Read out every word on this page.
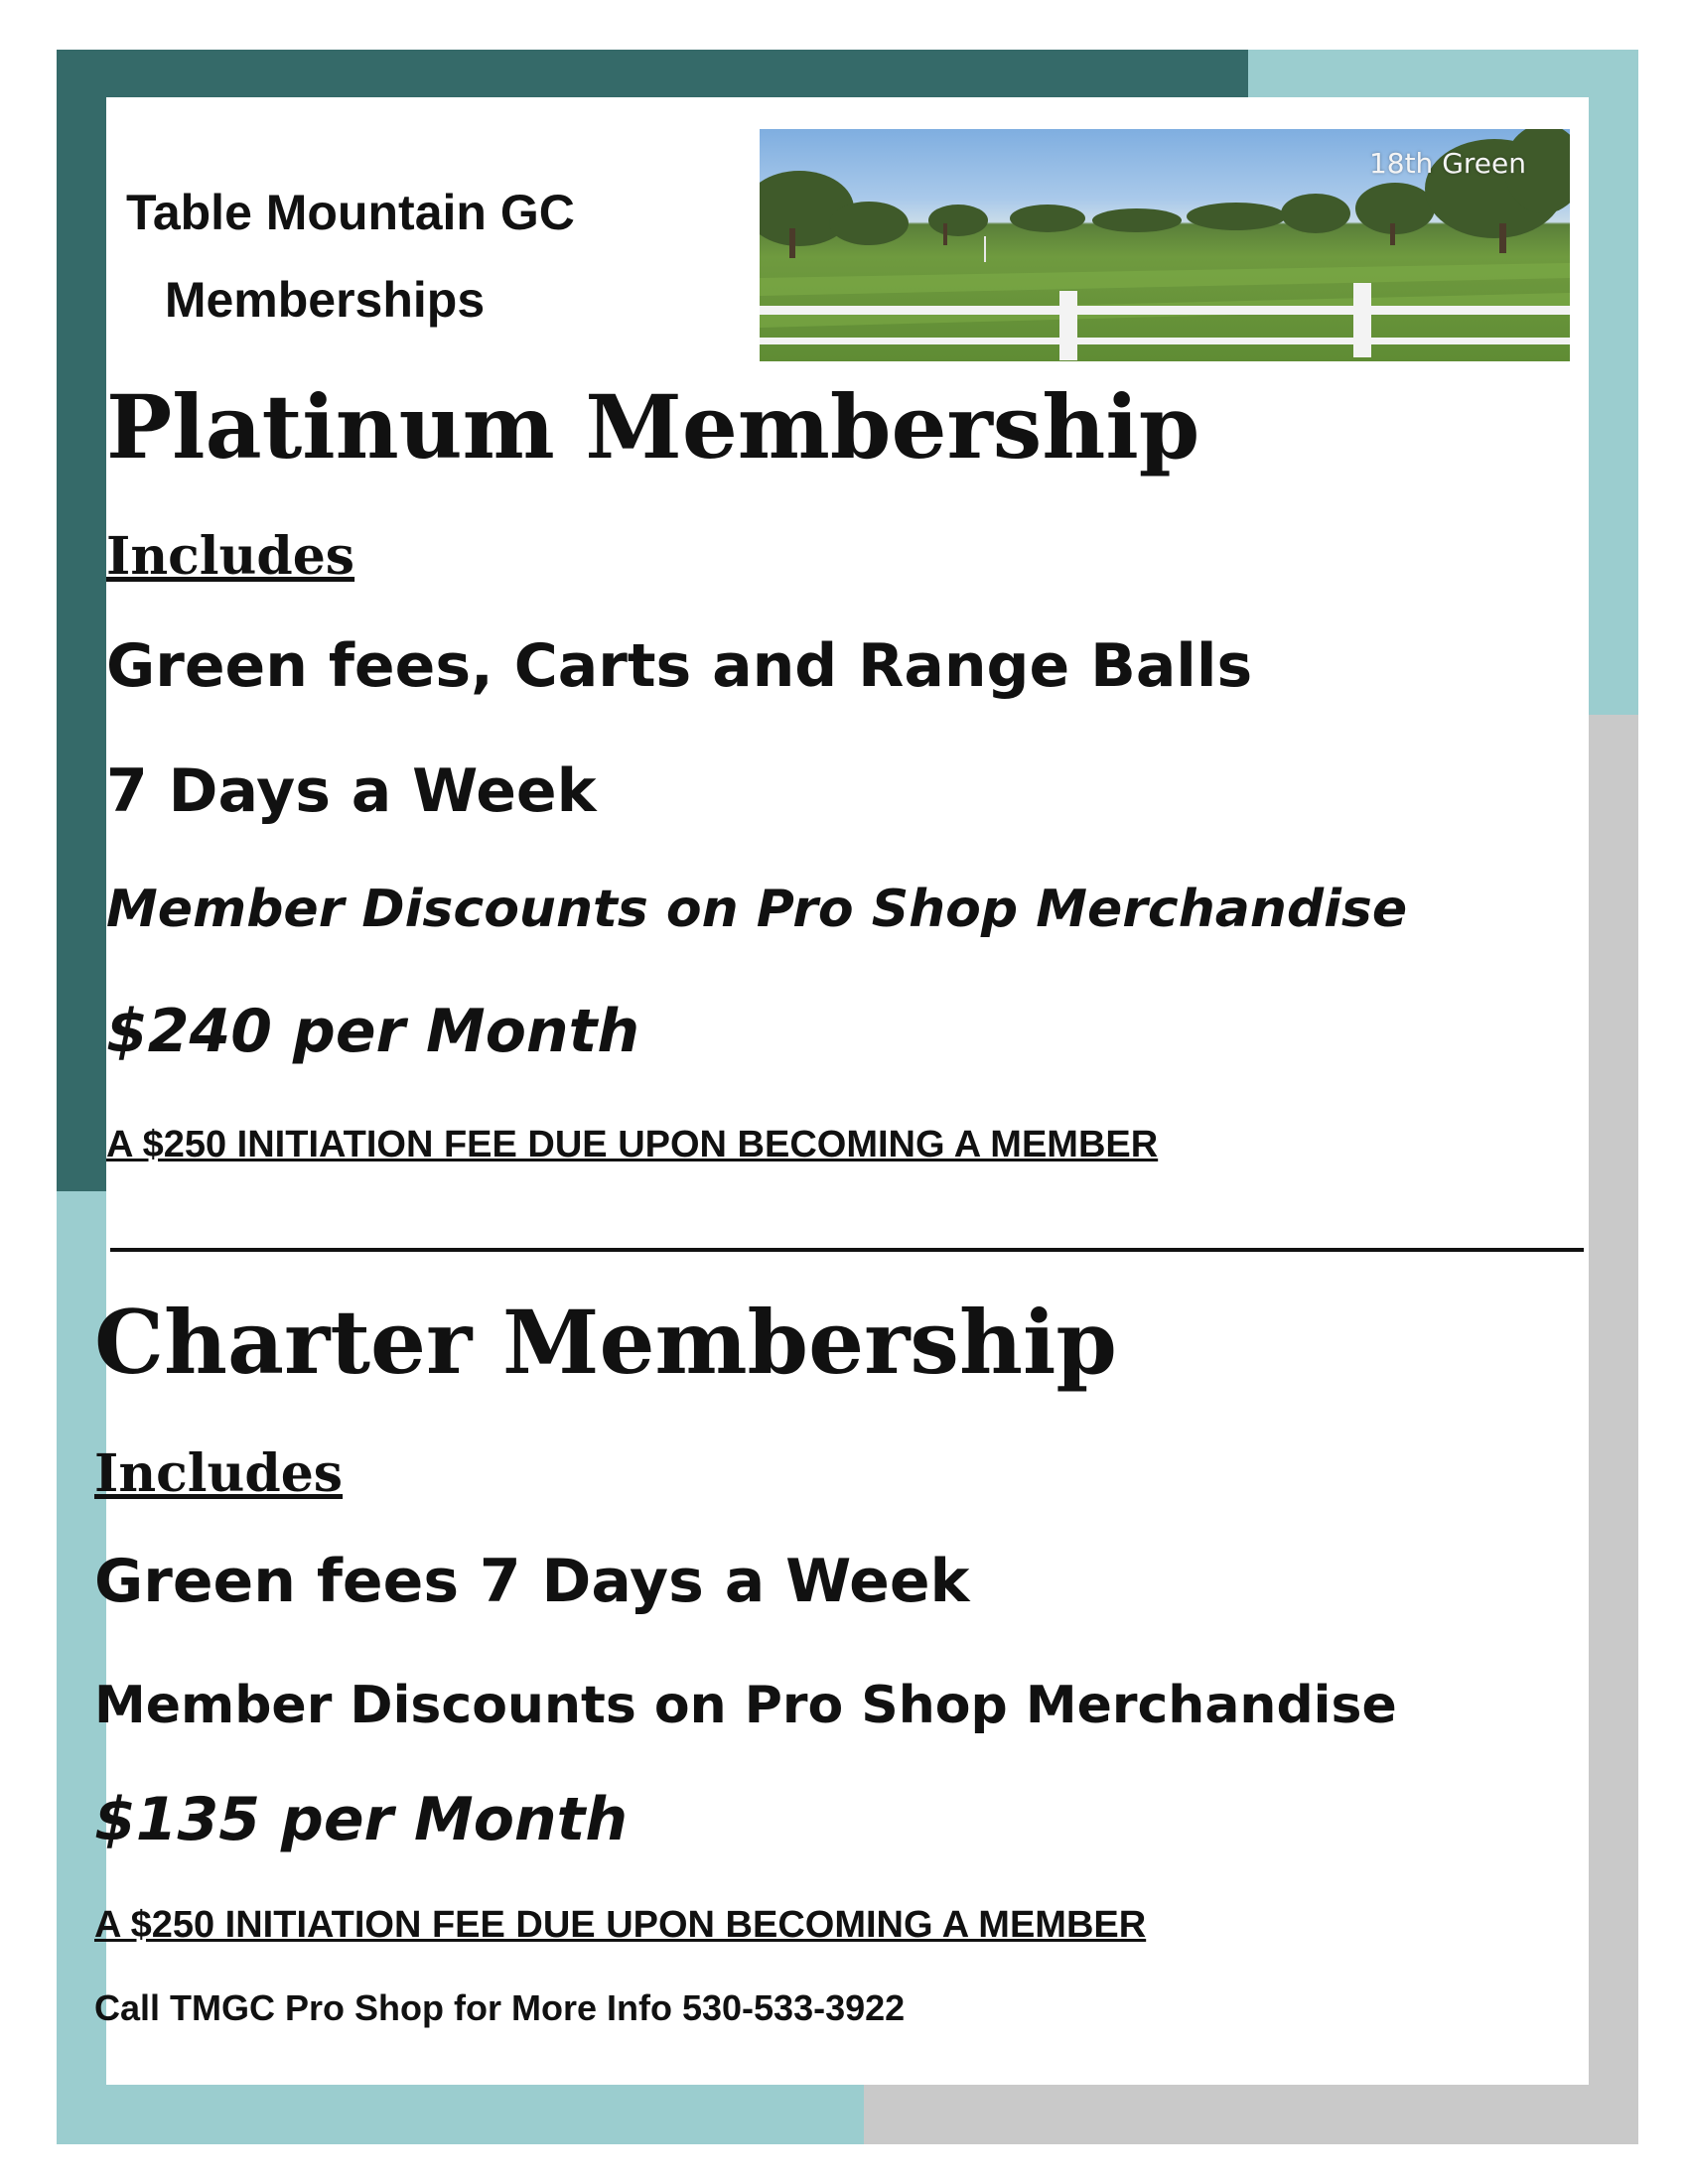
Table Mountain GC
Memberships
18th Green
Platinum Membership
Includes
Green fees, Carts and Range Balls
7 Days a Week
Member Discounts on Pro Shop Merchandise
$240 per Month
A $250 INITIATION FEE DUE UPON BECOMING A MEMBER
Charter Membership
Includes
Green fees 7 Days a Week
Member Discounts on Pro Shop Merchandise
$135 per Month
A $250 INITIATION FEE DUE UPON BECOMING A MEMBER
Call TMGC Pro Shop for More Info 530-533-3922
